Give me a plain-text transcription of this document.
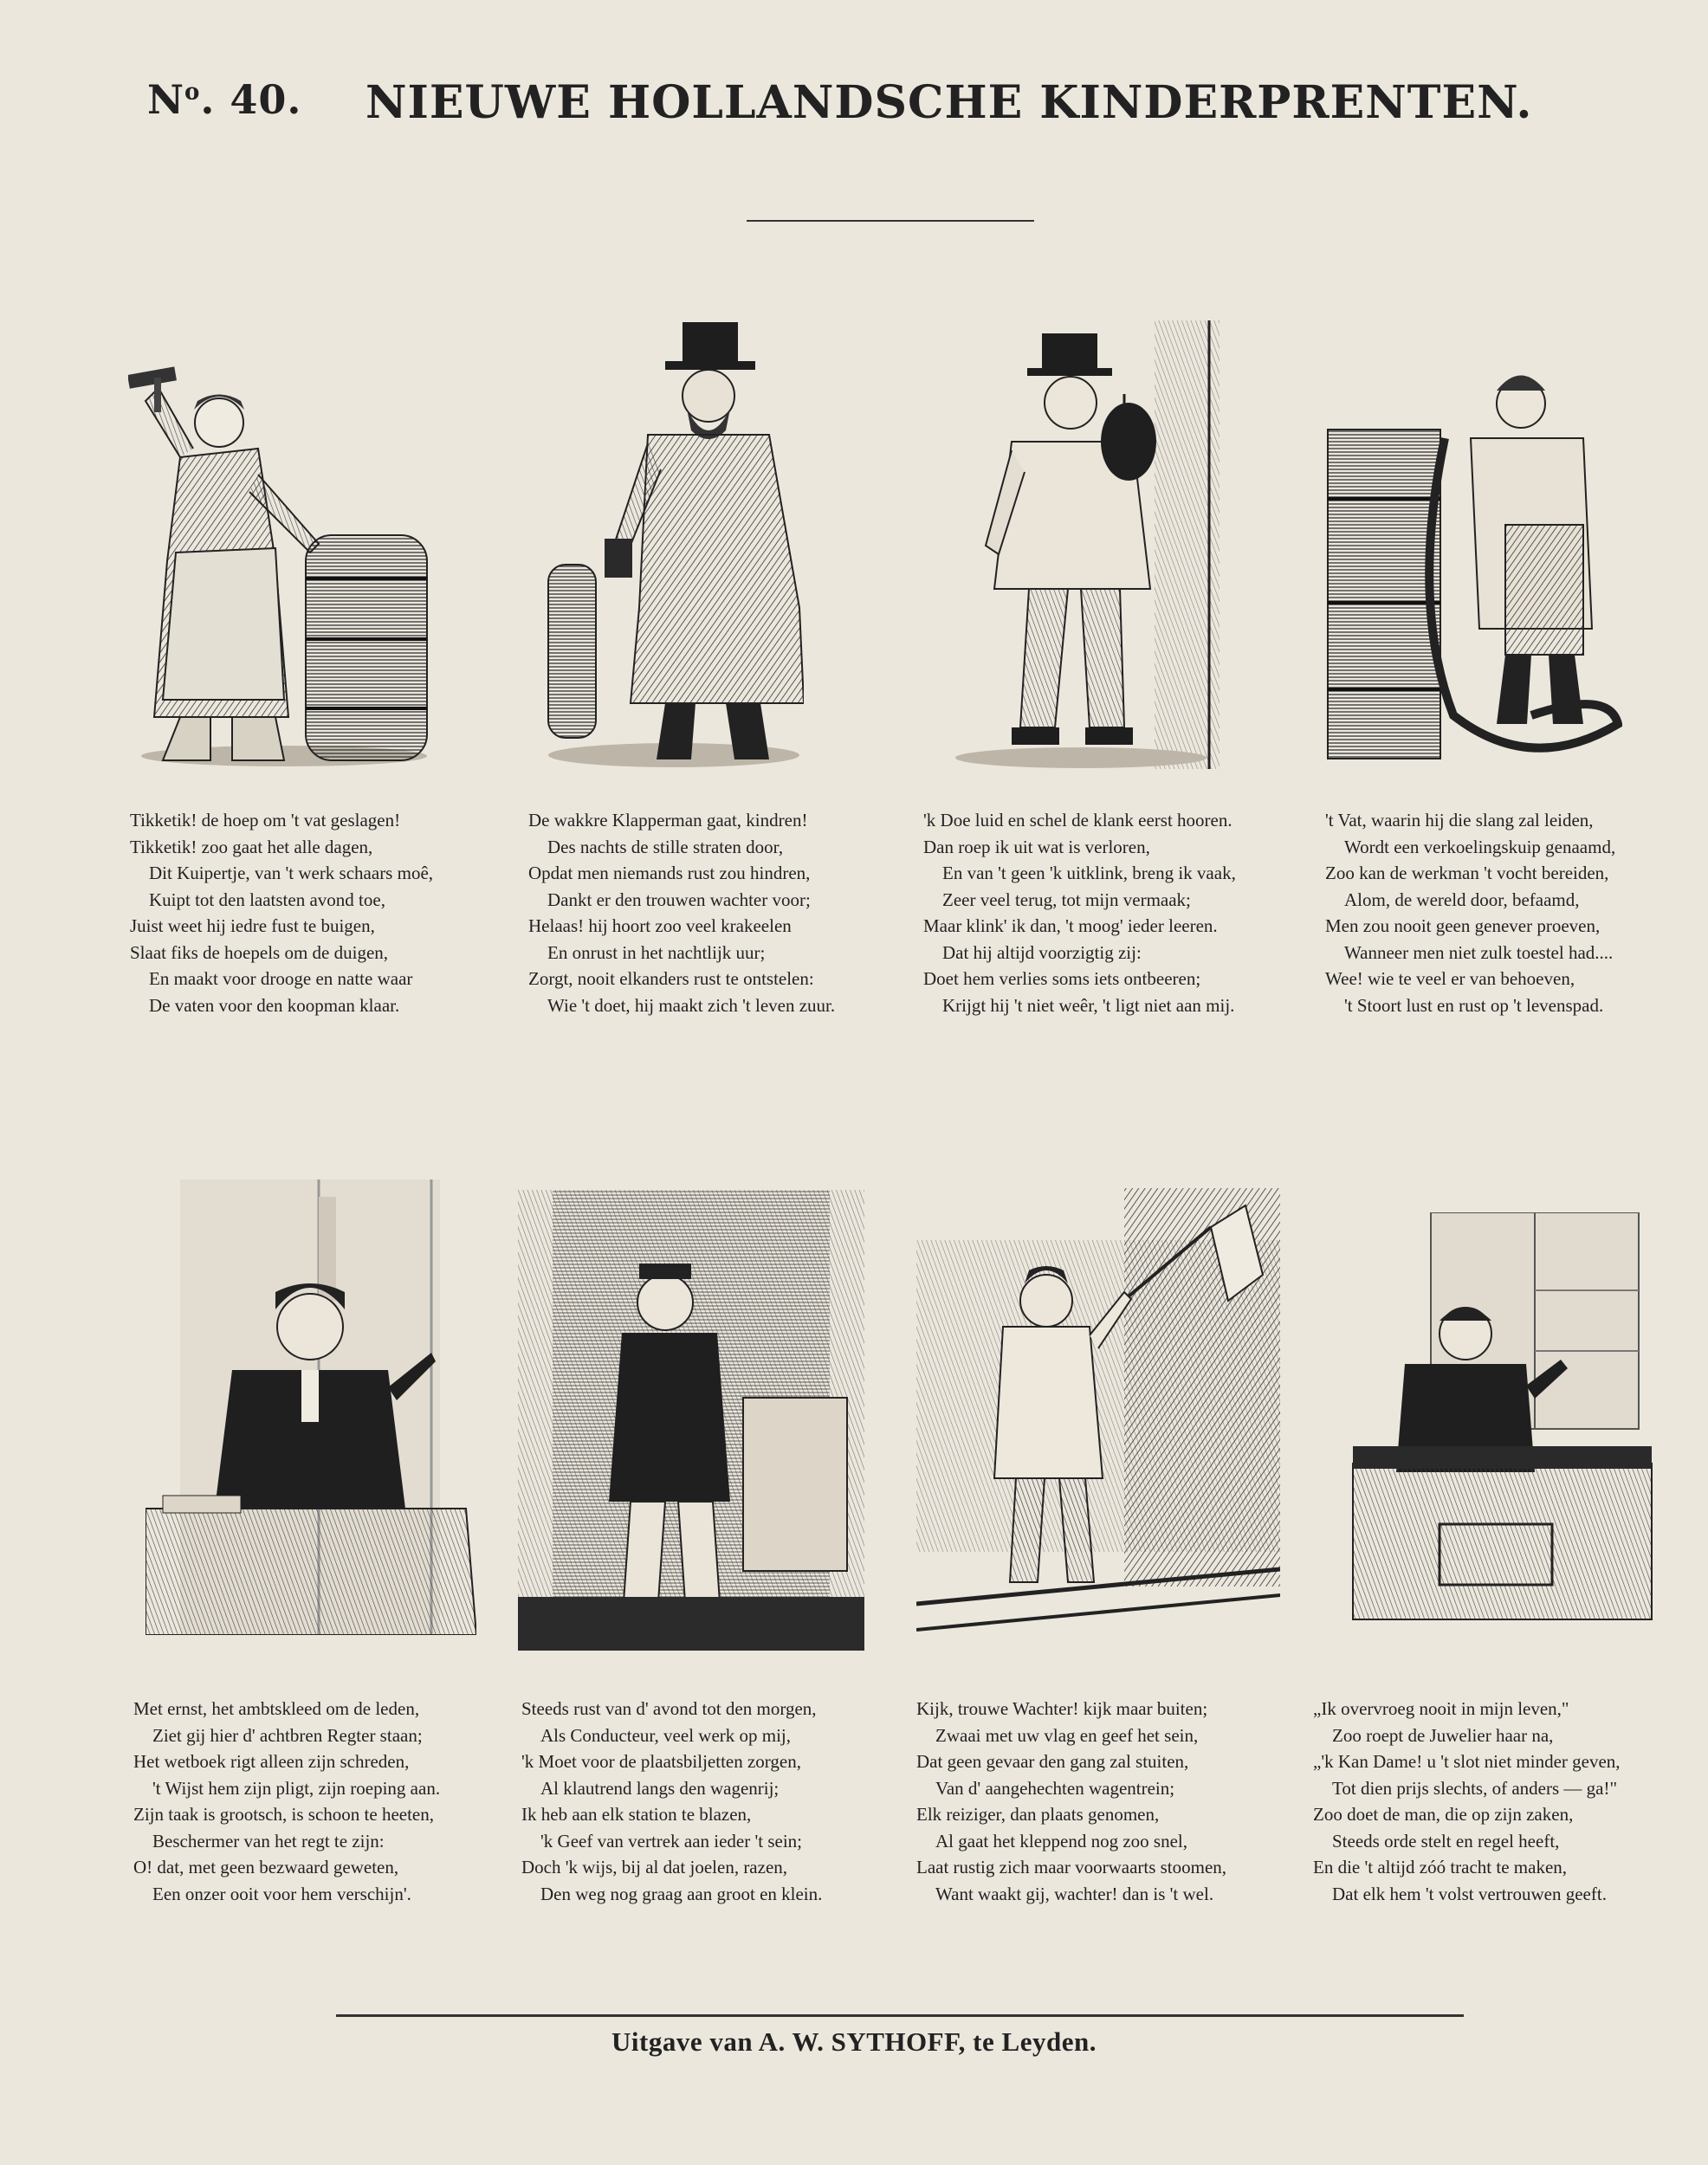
$N^o$. 40. NIEUWE HOLLANDSCHE KINDERPRENTEN.
Tikketik! de hoep om 't vat geslagen!
Tikketik! zoo gaat het alle dagen,
Dit Kuipertje, van 't werk schaars moê,
Kuipt tot den laatsten avond toe,
Juist weet hij iedre fust te buigen,
Slaat fiks de hoepels om de duigen,
En maakt voor drooge en natte waar
De vaten voor den koopman klaar.
De wakkre Klapperman gaat, kindren!
Des nachts de stille straten door,
Opdat men niemands rust zou hindren,
Dankt er den trouwen wachter voor;
Helaas! hij hoort zoo veel krakeelen
En onrust in het nachtlijk uur;
Zorgt, nooit elkanders rust te ontstelen:
Wie 't doet, hij maakt zich 't leven zuur.
'k Doe luid en schel de klank eerst hooren.
Dan roep ik uit wat is verloren,
En van 't geen 'k uitklink, breng ik vaak,
Zeer veel terug, tot mijn vermaak;
Maar klink' ik dan, 't moog' ieder leeren.
Dat hij altijd voorzigtig zij:
Doet hem verlies soms iets ontbeeren;
Krijgt hij 't niet weêr, 't ligt niet aan mij.
't Vat, waarin hij die slang zal leiden,
Wordt een verkoelingskuip genaamd,
Zoo kan de werkman 't vocht bereiden,
Alom, de wereld door, befaamd,
Men zou nooit geen genever proeven,
Wanneer men niet zulk toestel had....
Wee! wie te veel er van behoeven,
't Stoort lust en rust op 't levenspad.
Met ernst, het ambtskleed om de leden,
Ziet gij hier d' achtbren Regter staan;
Het wetboek rigt alleen zijn schreden,
't Wijst hem zijn pligt, zijn roeping aan.
Zijn taak is grootsch, is schoon te heeten,
Beschermer van het regt te zijn:
O! dat, met geen bezwaard geweten,
Een onzer ooit voor hem verschijn'.
Steeds rust van d' avond tot den morgen,
Als Conducteur, veel werk op mij,
'k Moet voor de plaatsbiljetten zorgen,
Al klautrend langs den wagenrij;
Ik heb aan elk station te blazen,
'k Geef van vertrek aan ieder 't sein;
Doch 'k wijs, bij al dat joelen, razen,
Den weg nog graag aan groot en klein.
Kijk, trouwe Wachter! kijk maar buiten;
Zwaai met uw vlag en geef het sein,
Dat geen gevaar den gang zal stuiten,
Van d' aangehechten wagentrein;
Elk reiziger, dan plaats genomen,
Al gaat het kleppend nog zoo snel,
Laat rustig zich maar voorwaarts stoomen,
Want waakt gij, wachter! dan is 't wel.
„Ik overvroeg nooit in mijn leven,"
Zoo roept de Juwelier haar na,
„'k Kan Dame! u 't slot niet minder geven,
Tot dien prijs slechts, of anders — ga!"
Zoo doet de man, die op zijn zaken,
Steeds orde stelt en regel heeft,
En die 't altijd zóó tracht te maken,
Dat elk hem 't volst vertrouwen geeft.
Uitgave van A. W. SYTHOFF, te Leyden.
